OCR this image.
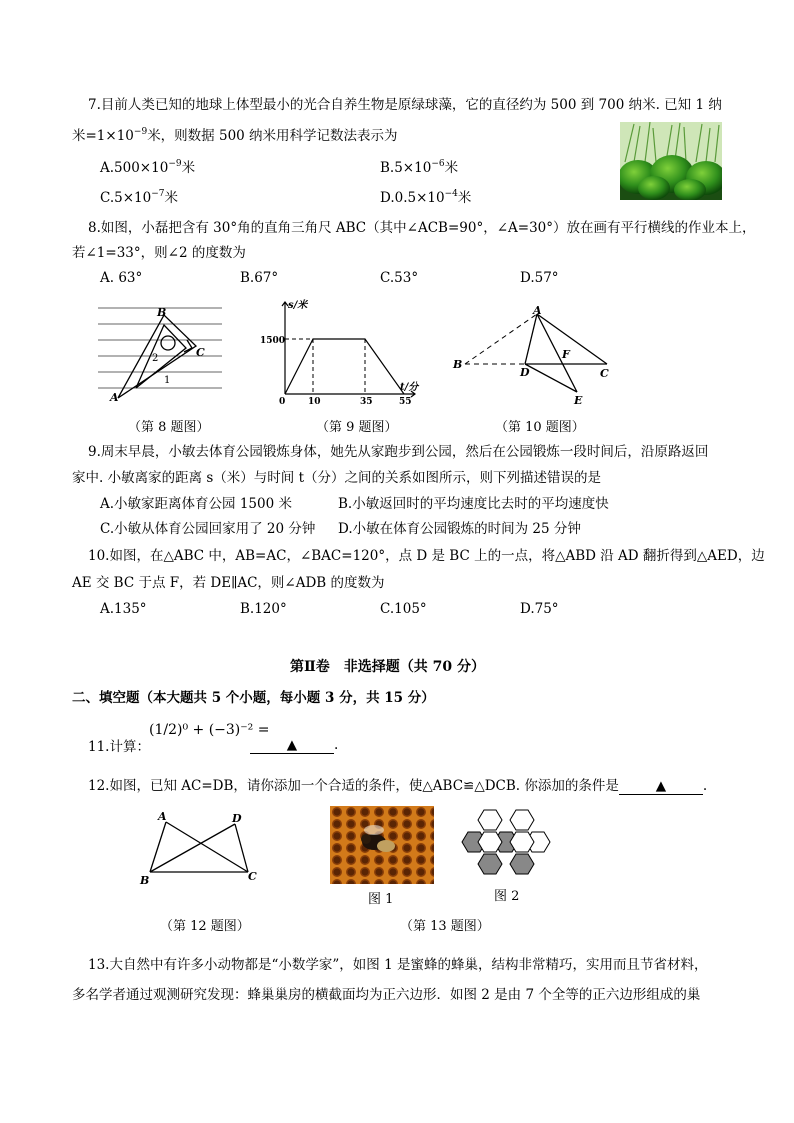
7.目前人类已知的地球上体型最小的光合自养生物是原绿球藻，它的直径约为 500 到 700 纳米. 已知 1 纳
米$=1\times 10^{-9}$米，则数据 500 纳米用科学记数法表示为
$A.500\times 10^{-9}$米	$B.5\times 10^{-6}$米
$C.5\times 10^{-7}$米	$D.0.5\times 10^{-4}$米
8.如图，小磊把含有 30°角的直角三角尺 ABC（其中∠ACB=90°，∠A=30°）放在画有平行横线的作业本上，
若∠1=33°，则∠2 的度数为
A. 63°	B.67°	C.53°	D.57°
B
C
A
2
1
（第 8 题图）
s/米
1500
0	10	35	55
t/分
（第 9 题图）
A
B
C
D
E
F
（第 10 题图）
9.周末早晨，小敏去体育公园锻炼身体，她先从家跑步到公园，然后在公园锻炼一段时间后，沿原路返回
家中. 小敏离家的距离 s（米）与时间 t（分）之间的关系如图所示，则下列描述错误的是
A.小敏家距离体育公园 1500 米	B.小敏返回时的平均速度比去时的平均速度快
C.小敏从体育公园回家用了 20 分钟 D.小敏在体育公园锻炼的时间为 25 分钟
10.如图，在△ABC 中，AB=AC，∠BAC=120°，点 D 是 BC 上的一点，将△ABD 沿 AD 翻折得到△AED，边
AE 交 BC 于点 F，若 DE∥AC，则∠ADB 的度数为
A.135°	B.120°	C.105°	D.75°
第Ⅱ卷　非选择题（共 70 分）
二、填空题（本大题共 5 个小题，每小题 3 分，共 15 分）
11.计算：
(1/2)⁰ + (−3)⁻² =
▲	.
12.如图，已知 AC=DB，请你添加一个合适的条件，使△ABC≌△DCB. 你添加的条件是	▲	.
A	D
B	C
（第 12 题图）
图 1	图 2
（第 13 题图）
13.大自然中有许多小动物都是“小数学家”，如图 1 是蜜蜂的蜂巢，结构非常精巧，实用而且节省材料，
多名学者通过观测研究发现：蜂巢巢房的横截面均为正六边形．如图 2 是由 7 个全等的正六边形组成的巢
